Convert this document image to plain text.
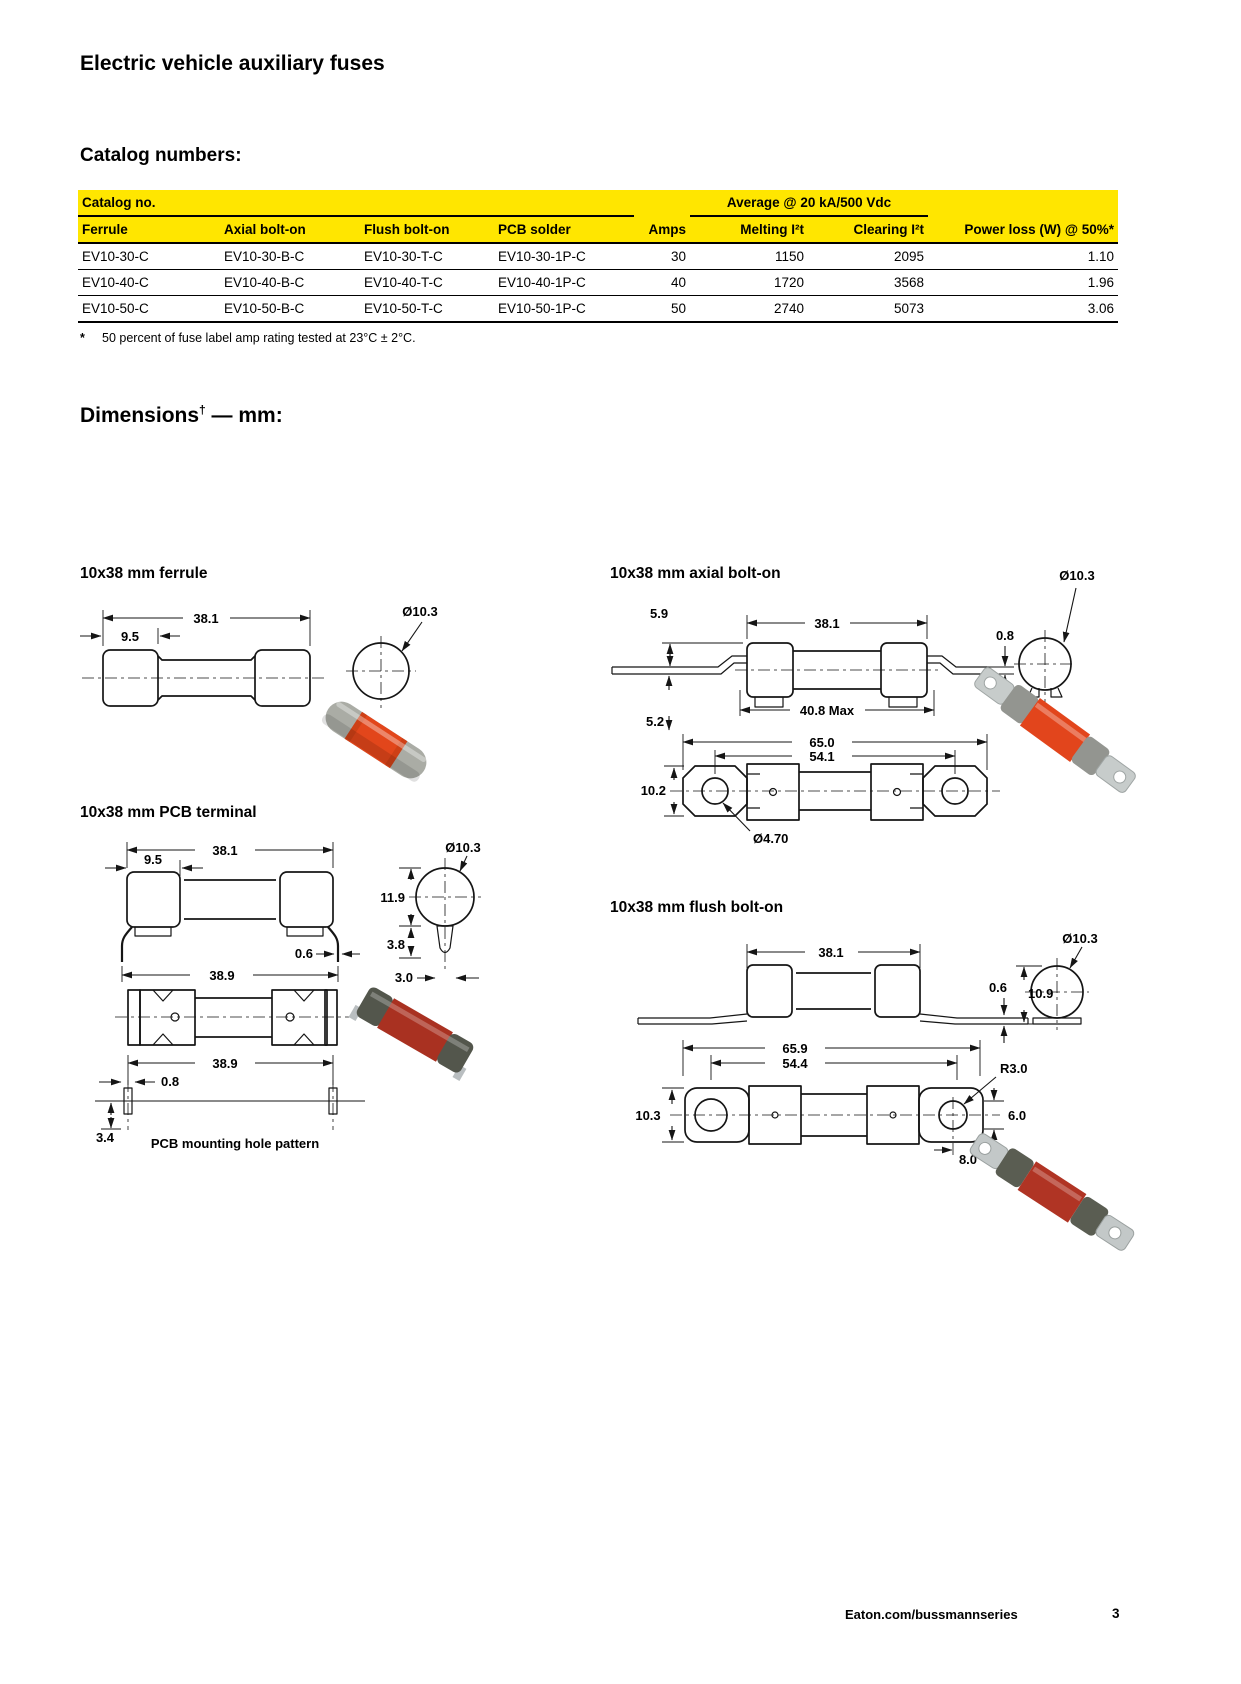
Electric vehicle auxiliary fuses
Catalog numbers:
Catalog no.					Average @ 20 kA/500 Vdc		
Ferrule	Axial bolt-on	Flush bolt-on	PCB solder	Amps	Melting I²t	Clearing I²t	Power loss (W) @ 50%*
EV10-30-C	EV10-30-B-C	EV10-30-T-C	EV10-30-1P-C	30	1150	2095	1.10
EV10-40-C	EV10-40-B-C	EV10-40-T-C	EV10-40-1P-C	40	1720	3568	1.96
EV10-50-C	EV10-50-B-C	EV10-50-T-C	EV10-50-1P-C	50	2740	5073	3.06
* 50 percent of fuse label amp rating tested at 23°C ± 2°C.
Dimensions† — mm:
10x38 mm ferrule	10x38 mm axial bolt-on
10x38 mm PCB terminal
10x38 mm flush bolt-on
38.1
9.5
Ø10.3
38.1
5.9
40.8 Max
5.2
0.8
Ø10.3
65.0
54.1
10.2
Ø4.70
38.1
9.5
0.6
38.9
Ø10.3
11.9
3.8
3.0
38.9
0.8
3.4	PCB mounting hole pattern
38.1
0.6 10.9
Ø10.3
65.9
54.4	R3.0
10.3	6.0
8.0
Eaton.com/bussmannseries	3
